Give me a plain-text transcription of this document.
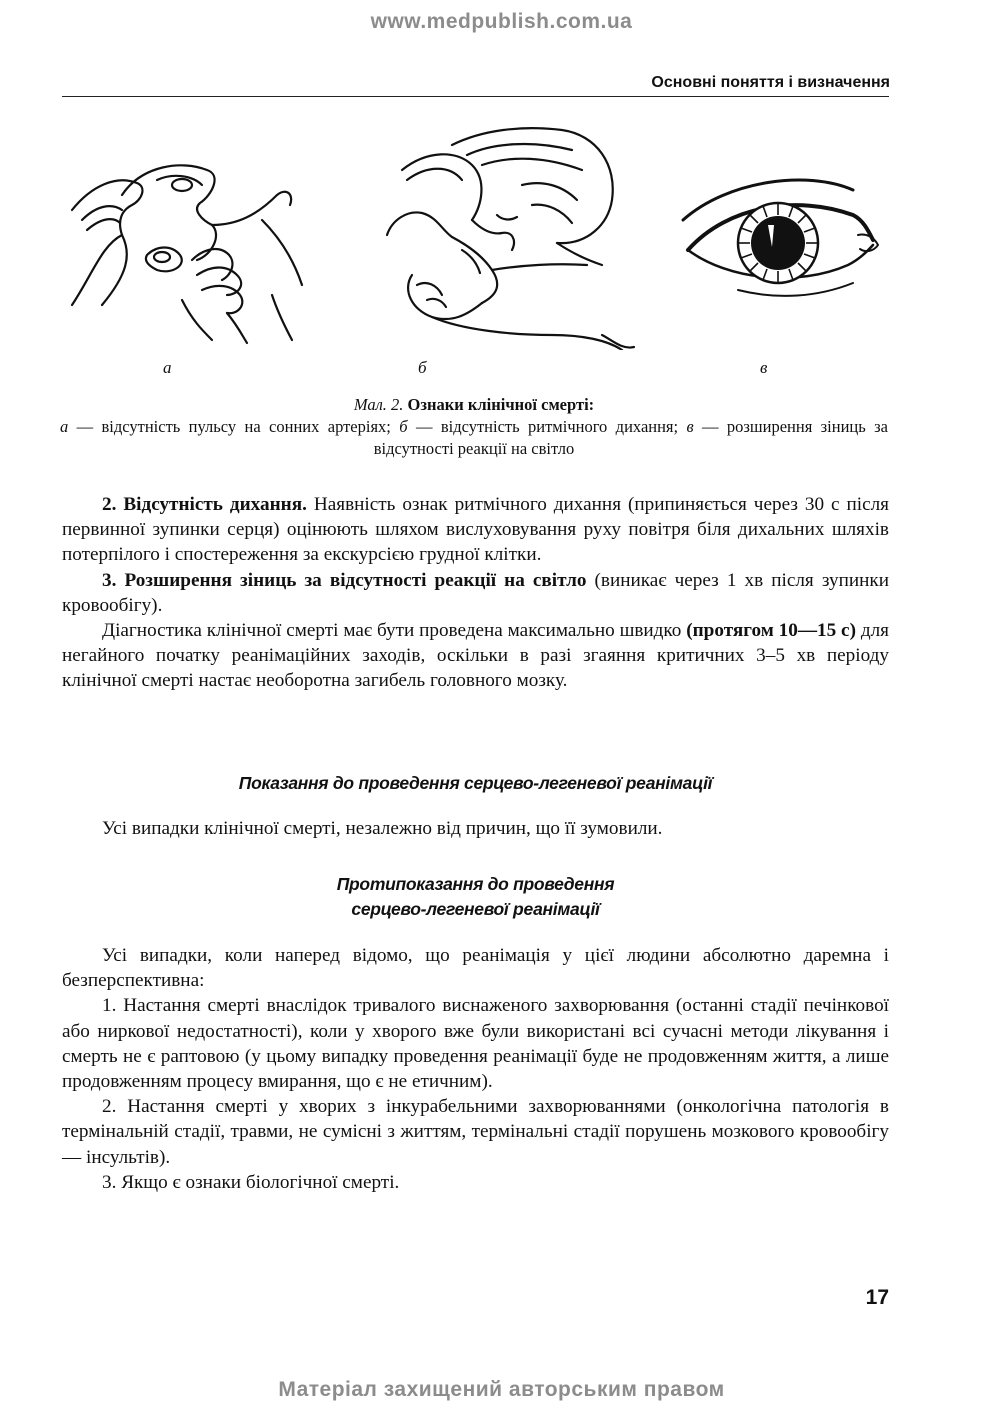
www.medpublish.com.ua
Основні поняття і визначення
а	б	в
Мал. 2. Ознаки клінічної смерті:
а — відсутність пульсу на сонних артеріях; б — відсутність ритмічного дихання; в — розширення зіниць за відсутності реакції на світло

2. Відсутність дихання. Наявність ознак ритмічного дихання (припиняється через 30 с після первинної зупинки серця) оцінюють шляхом вислуховування руху повітря біля дихальних шляхів потерпілого і спостереження за екскурсією грудної клітки.

3. Розширення зіниць за відсутності реакції на світло (виникає через 1 хв після зупинки кровообігу).

Діагностика клінічної смерті має бути проведена максимально швидко (протягом 10—15 с) для негайного початку реанімаційних заходів, оскільки в разі згаяння критичних 3–5 хв періоду клінічної смерті настає необоротна загибель головного мозку.

Показання до проведення серцево-легеневої реанімації

Усі випадки клінічної смерті, незалежно від причин, що її зумовили.

Протипоказання до проведення
серцево-легеневої реанімації

Усі випадки, коли наперед відомо, що реанімація у цієї людини абсолютно даремна і безперспективна:

1. Настання смерті внаслідок тривалого виснаженого захворювання (останні стадії печінкової або ниркової недостатності), коли у хворого вже були використані всі сучасні методи лікування і смерть не є раптовою (у цьому випадку проведення реанімації буде не продовженням життя, а лише продовженням процесу вмирання, що є не етичним).

2. Настання смерті у хворих з інкурабельними захворюваннями (онкологічна патологія в термінальній стадії, травми, не сумісні з життям, термінальні стадії порушень мозкового кровообігу — інсультів).

3. Якщо є ознаки біологічної смерті.

17
Матеріал захищений авторським правом
